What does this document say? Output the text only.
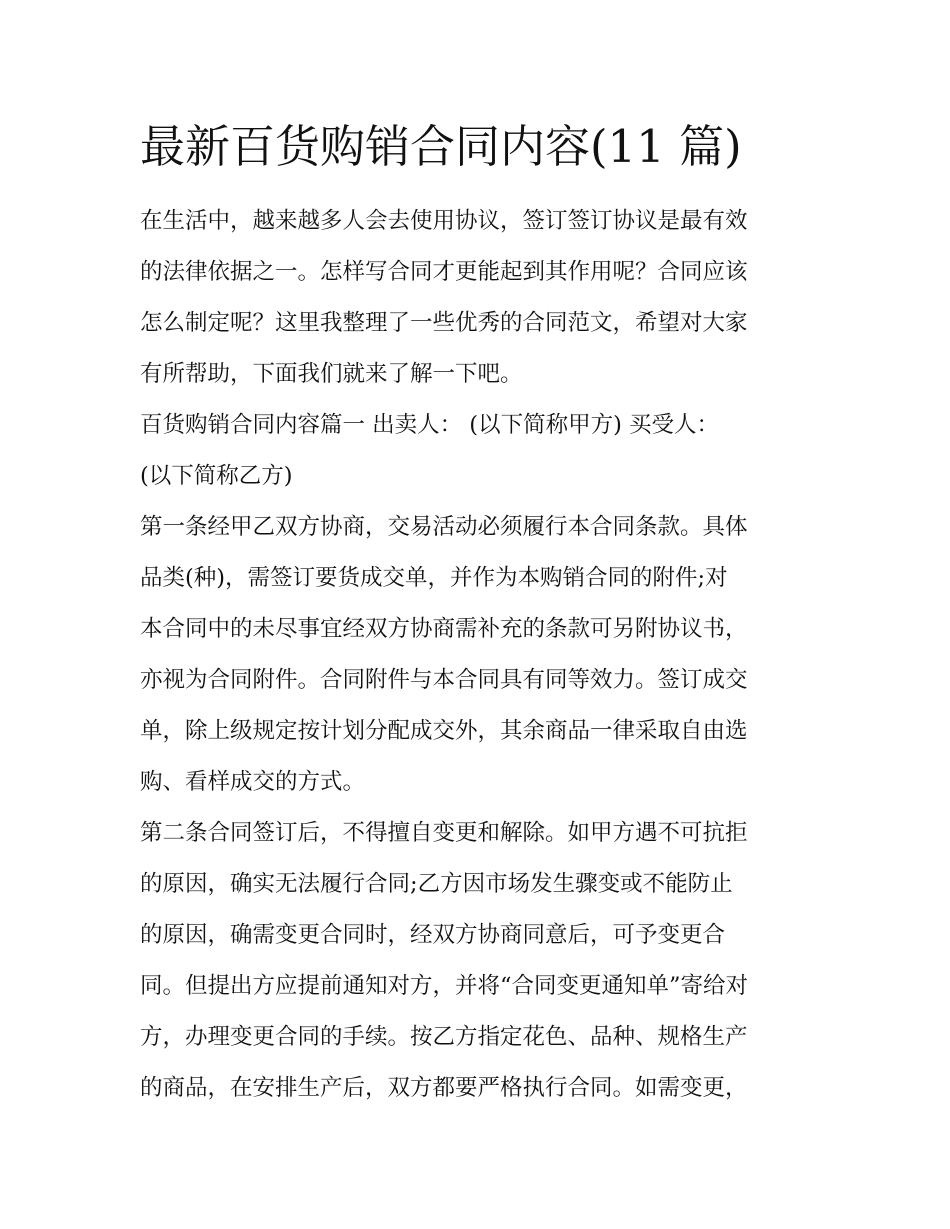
最新百货购销合同内容(11 篇)
在生活中，越来越多人会去使用协议，签订签订协议是最有效
的法律依据之一。怎样写合同才更能起到其作用呢？合同应该
怎么制定呢？这里我整理了一些优秀的合同范文，希望对大家
有所帮助，下面我们就来了解一下吧。
百货购销合同内容篇一 出卖人： (以下简称甲方) 买受人：
(以下简称乙方)
第一条经甲乙双方协商，交易活动必须履行本合同条款。具体
品类(种)，需签订要货成交单，并作为本购销合同的附件;对
本合同中的未尽事宜经双方协商需补充的条款可另附协议书，
亦视为合同附件。合同附件与本合同具有同等效力。签订成交
单，除上级规定按计划分配成交外，其余商品一律采取自由选
购、看样成交的方式。
第二条合同签订后，不得擅自变更和解除。如甲方遇不可抗拒
的原因，确实无法履行合同;乙方因市场发生骤变或不能防止
的原因，确需变更合同时，经双方协商同意后，可予变更合
同。但提出方应提前通知对方，并将“合同变更通知单”寄给对
方，办理变更合同的手续。按乙方指定花色、品种、规格生产
的商品，在安排生产后，双方都要严格执行合同。如需变更，
